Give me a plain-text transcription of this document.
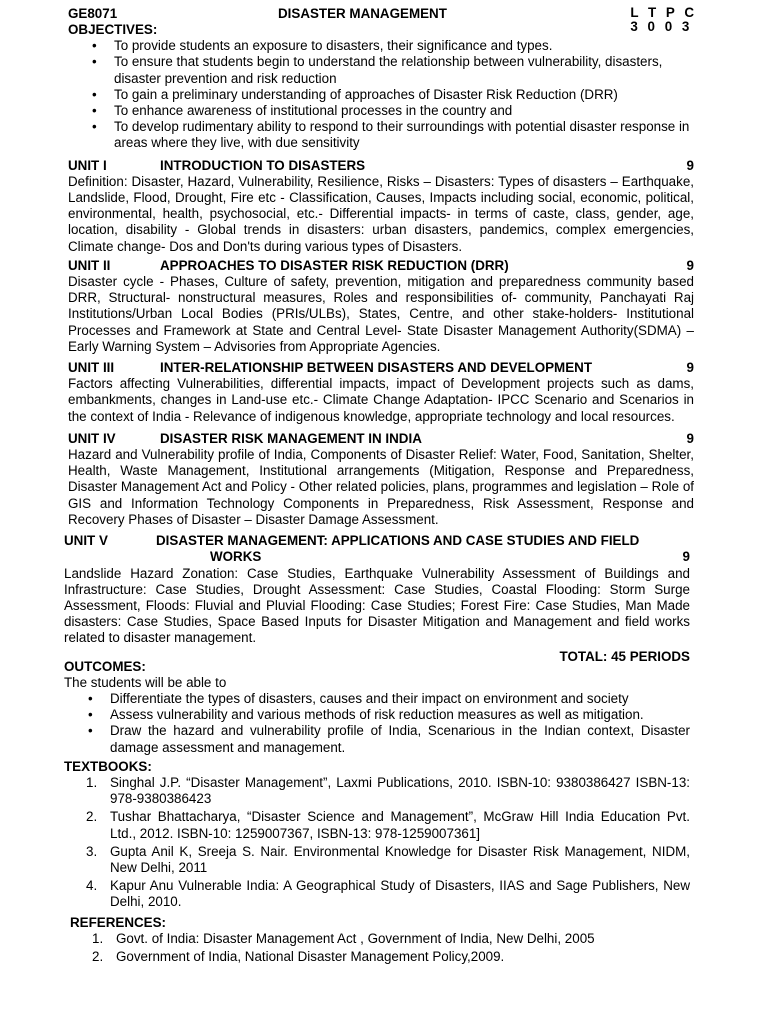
GE8071	DISASTER MANAGEMENT	L T P C
3 0 0 3
OBJECTIVES:
• To provide students an exposure to disasters, their significance and types.
• To ensure that students begin to understand the relationship between vulnerability, disasters, disaster prevention and risk reduction
• To gain a preliminary understanding of approaches of Disaster Risk Reduction (DRR)
• To enhance awareness of institutional processes in the country and
• To develop rudimentary ability to respond to their surroundings with potential disaster response in areas where they live, with due sensitivity
UNIT I	INTRODUCTION TO DISASTERS	9
Definition: Disaster, Hazard, Vulnerability, Resilience, Risks – Disasters: Types of disasters – Earthquake, Landslide, Flood, Drought, Fire etc - Classification, Causes, Impacts including social, economic, political, environmental, health, psychosocial, etc.- Differential impacts- in terms of caste, class, gender, age, location, disability - Global trends in disasters: urban disasters, pandemics, complex emergencies, Climate change- Dos and Don'ts during various types of Disasters.
UNIT II	APPROACHES TO DISASTER RISK REDUCTION (DRR)	9
Disaster cycle - Phases, Culture of safety, prevention, mitigation and preparedness community based DRR, Structural- nonstructural measures, Roles and responsibilities of- community, Panchayati Raj Institutions/Urban Local Bodies (PRIs/ULBs), States, Centre, and other stake-holders- Institutional Processes and Framework at State and Central Level- State Disaster Management Authority(SDMA) – Early Warning System – Advisories from Appropriate Agencies.
UNIT III	INTER-RELATIONSHIP BETWEEN DISASTERS AND DEVELOPMENT	9
Factors affecting Vulnerabilities, differential impacts, impact of Development projects such as dams, embankments, changes in Land-use etc.- Climate Change Adaptation- IPCC Scenario and Scenarios in the context of India - Relevance of indigenous knowledge, appropriate technology and local resources.
UNIT IV	DISASTER RISK MANAGEMENT IN INDIA	9
Hazard and Vulnerability profile of India, Components of Disaster Relief: Water, Food, Sanitation, Shelter, Health, Waste Management, Institutional arrangements (Mitigation, Response and Preparedness, Disaster Management Act and Policy - Other related policies, plans, programmes and legislation – Role of GIS and Information Technology Components in Preparedness, Risk Assessment, Response and Recovery Phases of Disaster – Disaster Damage Assessment.
UNIT V	DISASTER MANAGEMENT: APPLICATIONS AND CASE STUDIES AND FIELD
WORKS	9
Landslide Hazard Zonation: Case Studies, Earthquake Vulnerability Assessment of Buildings and Infrastructure: Case Studies, Drought Assessment: Case Studies, Coastal Flooding: Storm Surge Assessment, Floods: Fluvial and Pluvial Flooding: Case Studies; Forest Fire: Case Studies, Man Made disasters: Case Studies, Space Based Inputs for Disaster Mitigation and Management and field works related to disaster management.
TOTAL: 45 PERIODS
OUTCOMES:
The students will be able to
• Differentiate the types of disasters, causes and their impact on environment and society
• Assess vulnerability and various methods of risk reduction measures as well as mitigation.
• Draw the hazard and vulnerability profile of India, Scenarious in the Indian context, Disaster damage assessment and management.
TEXTBOOKS:
1. Singhal J.P. “Disaster Management”, Laxmi Publications, 2010. ISBN-10: 9380386427 ISBN-13: 978-9380386423
2. Tushar Bhattacharya, “Disaster Science and Management”, McGraw Hill India Education Pvt. Ltd., 2012. ISBN-10: 1259007367, ISBN-13: 978-1259007361]
3. Gupta Anil K, Sreeja S. Nair. Environmental Knowledge for Disaster Risk Management, NIDM, New Delhi, 2011
4. Kapur Anu Vulnerable India: A Geographical Study of Disasters, IIAS and Sage Publishers, New Delhi, 2010.
REFERENCES:
1. Govt. of India: Disaster Management Act , Government of India, New Delhi, 2005
2. Government of India, National Disaster Management Policy,2009.
